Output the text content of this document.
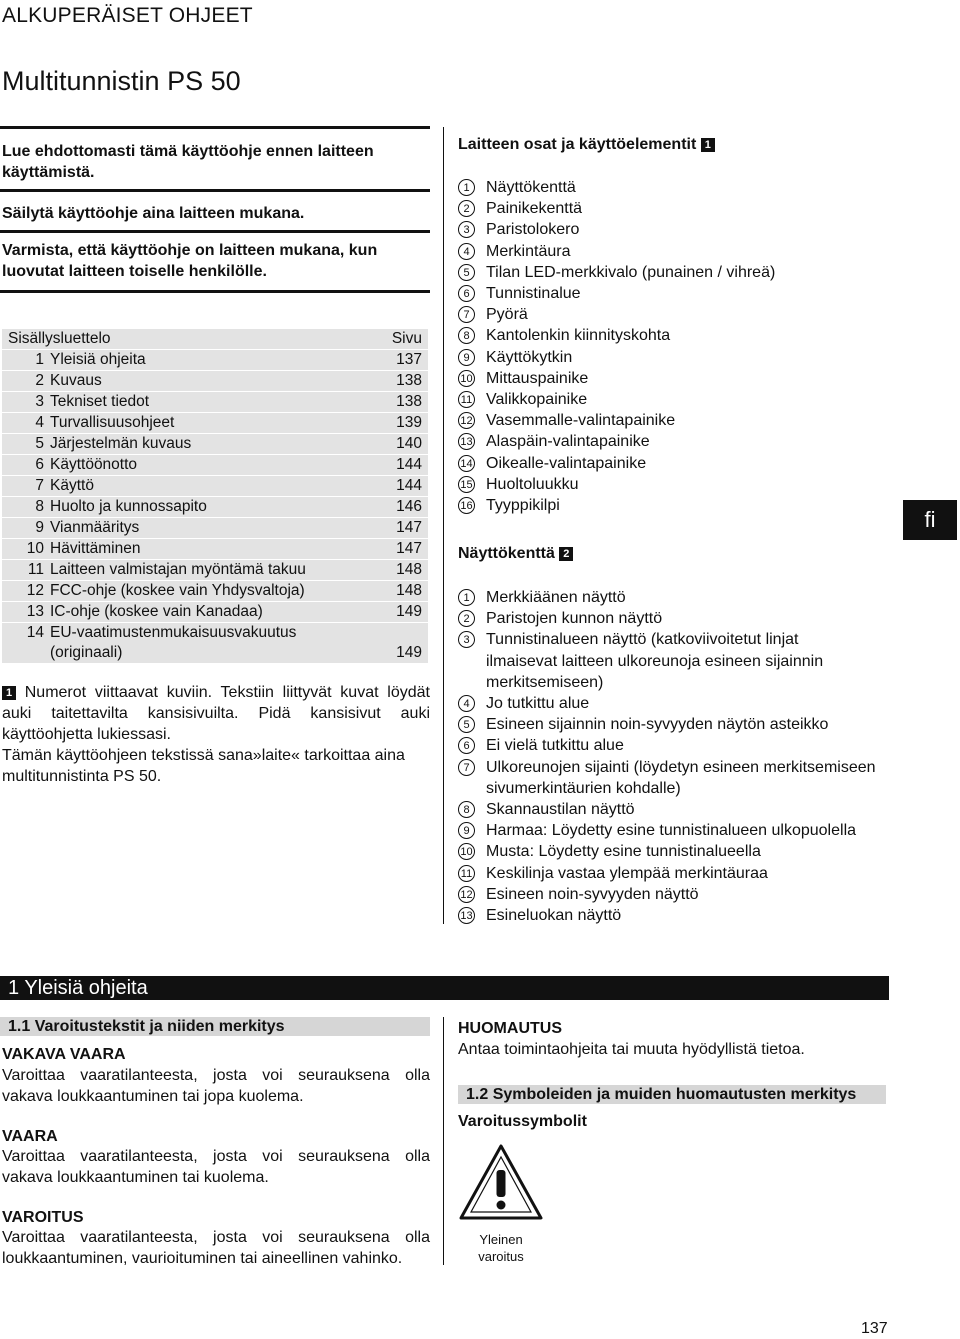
ALKUPERÄISET OHJEET
Multitunnistin PS 50
Lue ehdottomasti tämä käyttöohje ennen laitteen käyttämistä.
Säilytä käyttöohje aina laitteen mukana.
Varmista, että käyttöohje on laitteen mukana, kun luovutat laitteen toiselle henkilölle.
Sisällysluettelo	Sivu
1 Yleisiä ohjeita	137
2 Kuvaus	138
3 Tekniset tiedot	138
4 Turvallisuusohjeet	139
5 Järjestelmän kuvaus	140
6 Käyttöönotto	144
7 Käyttö	144
8 Huolto ja kunnossapito	146
9 Vianmääritys	147
10 Hävittäminen	147
11 Laitteen valmistajan myöntämä takuu	148
12 FCC-ohje (koskee vain Yhdysvaltoja)	148
13 IC-ohje (koskee vain Kanadaa)	149
14 EU-vaatimustenmukaisuusvakuutus
(originaali)	149
1 Numerot viittaavat kuviin. Tekstiin liittyvät kuvat löydät auki taitettavilta kansisivuilta. Pidä kansisivut auki käyttöohjetta lukiessasi.
Tämän käyttöohjeen tekstissä sana»laite« tarkoittaa aina multitunnistinta PS 50.
Laitteen osat ja käyttöelementit 1
1	Näyttökenttä
2	Painikekenttä
3	Paristolokero
4	Merkintäura
5	Tilan LED-merkkivalo (punainen / vihreä)
6	Tunnistinalue
7	Pyörä
8	Kantolenkin kiinnityskohta
9	Käyttökytkin
10 Mittauspainike
11 Valikkopainike
12 Vasemmalle-valintapainike
13 Alaspäin-valintapainike
14 Oikealle-valintapainike
15 Huoltoluukku
16 Tyyppikilpi
Näyttökenttä 2
1	Merkkiäänen näyttö
2	Paristojen kunnon näyttö
3	Tunnistinalueen näyttö (katkoviivoitetut linjat ilmaisevat laitteen ulkoreunoja esineen sijainnin merkitsemiseen)
4	Jo tutkittu alue
5	Esineen sijainnin noin-syvyyden näytön asteikko
6	Ei vielä tutkittu alue
7	Ulkoreunojen sijainti (löydetyn esineen merkitsemiseen sivumerkintäurien kohdalle)
8	Skannaustilan näyttö
9	Harmaa: Löydetty esine tunnistinalueen ulkopuolella
10 Musta: Löydetty esine tunnistinalueella
11 Keskilinja vastaa ylempää merkintäuraa
12 Esineen noin-syvyyden näyttö
13 Esineluokan näyttö
fi
1 Yleisiä ohjeita
1.1 Varoitustekstit ja niiden merkitys
VAKAVA VAARA
Varoittaa vaaratilanteesta, josta voi seurauksena olla vakava loukkaantuminen tai jopa kuolema.
VAARA
Varoittaa vaaratilanteesta, josta voi seurauksena olla vakava loukkaantuminen tai kuolema.
VAROITUS
Varoittaa vaaratilanteesta, josta voi seurauksena olla loukkaantuminen, vaurioituminen tai aineellinen vahinko.
HUOMAUTUS
Antaa toimintaohjeita tai muuta hyödyllistä tietoa.
1.2 Symboleiden ja muiden huomautusten merkitys
Varoitussymbolit
Yleinen varoitus
137
